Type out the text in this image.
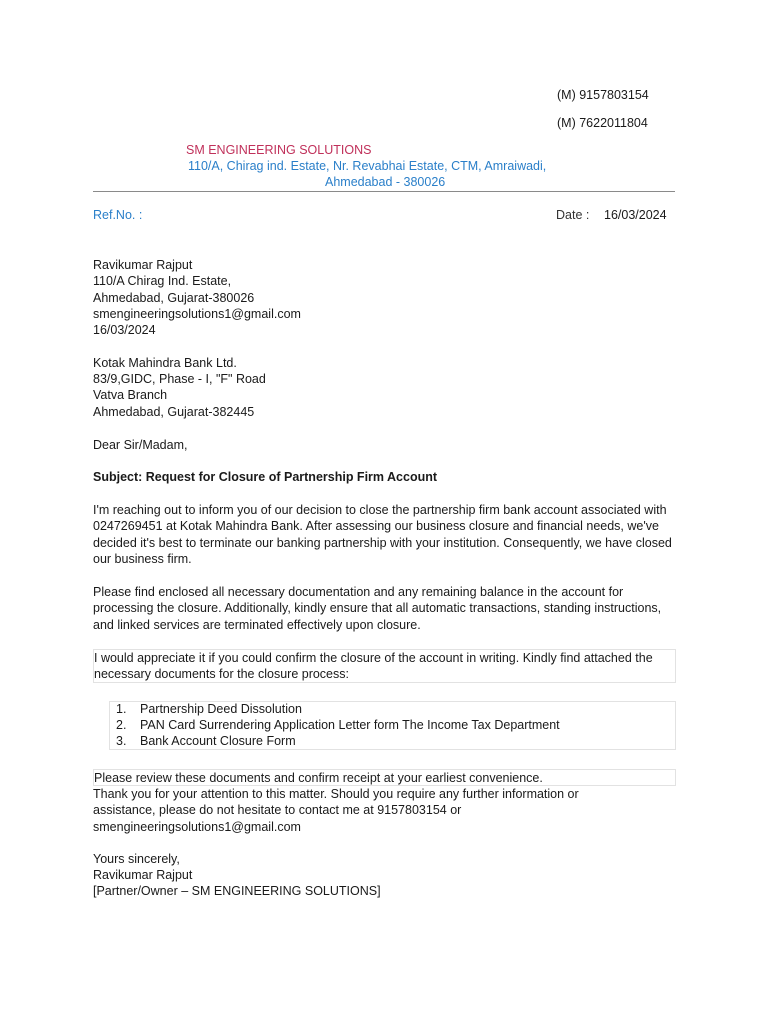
(M) 9157803154
(M) 7622011804
SM ENGINEERING SOLUTIONS
110/A, Chirag ind. Estate, Nr. Revabhai Estate, CTM, Amraiwadi,
Ahmedabad - 380026
Ref.No. :	Date : 16/03/2024
Ravikumar Rajput
110/A Chirag Ind. Estate,
Ahmedabad, Gujarat-380026
smengineeringsolutions1@gmail.com
16/03/2024
Kotak Mahindra Bank Ltd.
83/9,GIDC, Phase - I, "F" Road
Vatva Branch
Ahmedabad, Gujarat-382445
Dear Sir/Madam,
Subject: Request for Closure of Partnership Firm Account
I'm reaching out to inform you of our decision to close the partnership firm bank account associated with 0247269451 at Kotak Mahindra Bank. After assessing our business closure and financial needs, we've decided it's best to terminate our banking partnership with your institution. Consequently, we have closed our business firm.
Please find enclosed all necessary documentation and any remaining balance in the account for processing the closure. Additionally, kindly ensure that all automatic transactions, standing instructions, and linked services are terminated effectively upon closure.
I would appreciate it if you could confirm the closure of the account in writing. Kindly find attached the necessary documents for the closure process:
1. Partnership Deed Dissolution
2. PAN Card Surrendering Application Letter form The Income Tax Department
3. Bank Account Closure Form
Please review these documents and confirm receipt at your earliest convenience.
Thank you for your attention to this matter. Should you require any further information or assistance, please do not hesitate to contact me at 9157803154 or smengineeringsolutions1@gmail.com
Yours sincerely,
Ravikumar Rajput
[Partner/Owner – SM ENGINEERING SOLUTIONS]
